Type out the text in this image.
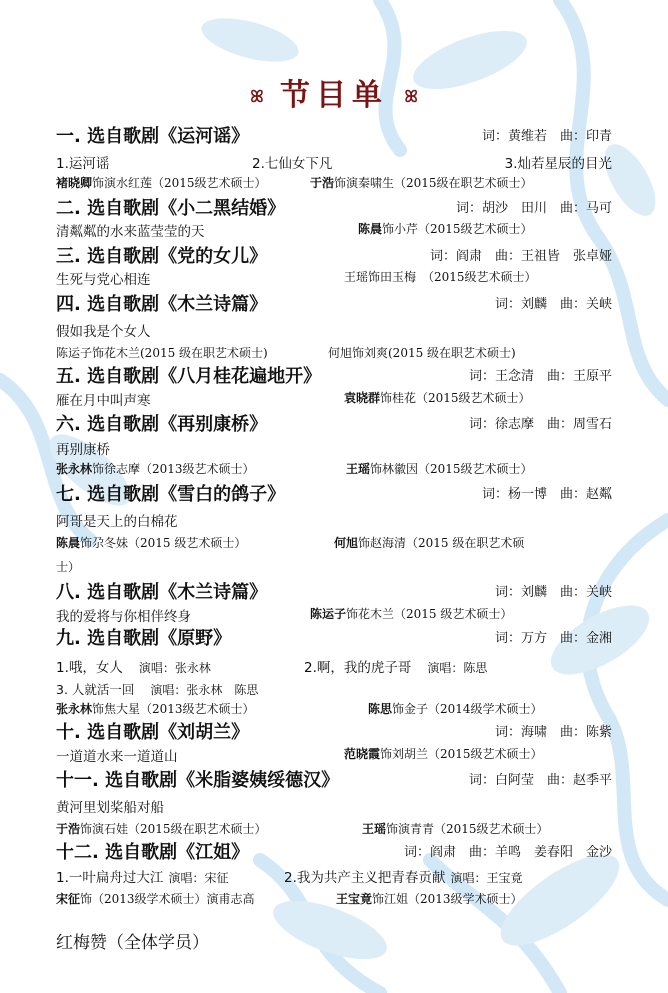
ꕤ 节目单 ꕤ
一. 选自歌剧《运河谣》	词：黄维若　曲：印青
1.运河谣	2.七仙女下凡	3.灿若星辰的目光
褚晓卿饰演水红莲（2015级艺术硕士）	于浩饰演秦啸生（2015级在职艺术硕士）
二. 选自歌剧《小二黑结婚》	词：胡沙　田川　曲：马可
清粼粼的水来蓝莹莹的天	陈晨饰小芹（2015级艺术硕士）
三. 选自歌剧《党的女儿》	词：阎肃　曲：王祖皆　张卓娅
生死与党心相连	王瑶饰田玉梅　（2015级艺术硕士）
四. 选自歌剧《木兰诗篇》	词：刘麟　曲：关峡
假如我是个女人
陈运子饰花木兰(2015 级在职艺术硕士)	何旭饰刘爽(2015 级在职艺术硕士)
五. 选自歌剧《八月桂花遍地开》	词：王念清　曲：王原平
雁在月中叫声寒	袁晓群饰桂花（2015级艺术硕士）
六. 选自歌剧《再别康桥》	词：徐志摩　曲：周雪石
再别康桥
张永林饰徐志摩（2013级艺术硕士）	王瑶饰林徽因（2015级艺术硕士）
七. 选自歌剧《雪白的鸽子》	词：杨一博　曲：赵粼
阿哥是天上的白棉花
陈晨饰尕冬妹（2015 级艺术硕士）	何旭饰赵海清（2015 级在职艺术硕
士）
八. 选自歌剧《木兰诗篇》	词：刘麟　曲：关峡
我的爱将与你相伴终身	陈运子饰花木兰（2015 级艺术硕士）
九. 选自歌剧《原野》	词：万方　曲：金湘
1.哦，女人　 演唱：张永林	2.啊，我的虎子哥　 演唱：陈思
3. 人就活一回　 演唱：张永林　陈思
张永林饰焦大星（2013级艺术硕士）	陈思饰金子（2014级学术硕士）
十. 选自歌剧《刘胡兰》	词：海啸　曲：陈紫
一道道水来一道道山	范晓霞饰刘胡兰（2015级艺术硕士）
十一. 选自歌剧《米脂婆姨绥德汉》	词：白阿莹　曲：赵季平
黄河里划桨船对船
于浩饰演石娃（2015级在职艺术硕士）	王瑶饰演青青（2015级艺术硕士）
十二. 选自歌剧《江姐》	词：阎肃　曲：羊鸣　姜春阳　金沙
1.一叶扁舟过大江 演唱：宋征	2.我为共产主义把青春贡献 演唱：王宝竟
宋征饰（2013级学术硕士）演甫志高	王宝竟饰江姐（2013级学术硕士）
红梅赞（全体学员）
